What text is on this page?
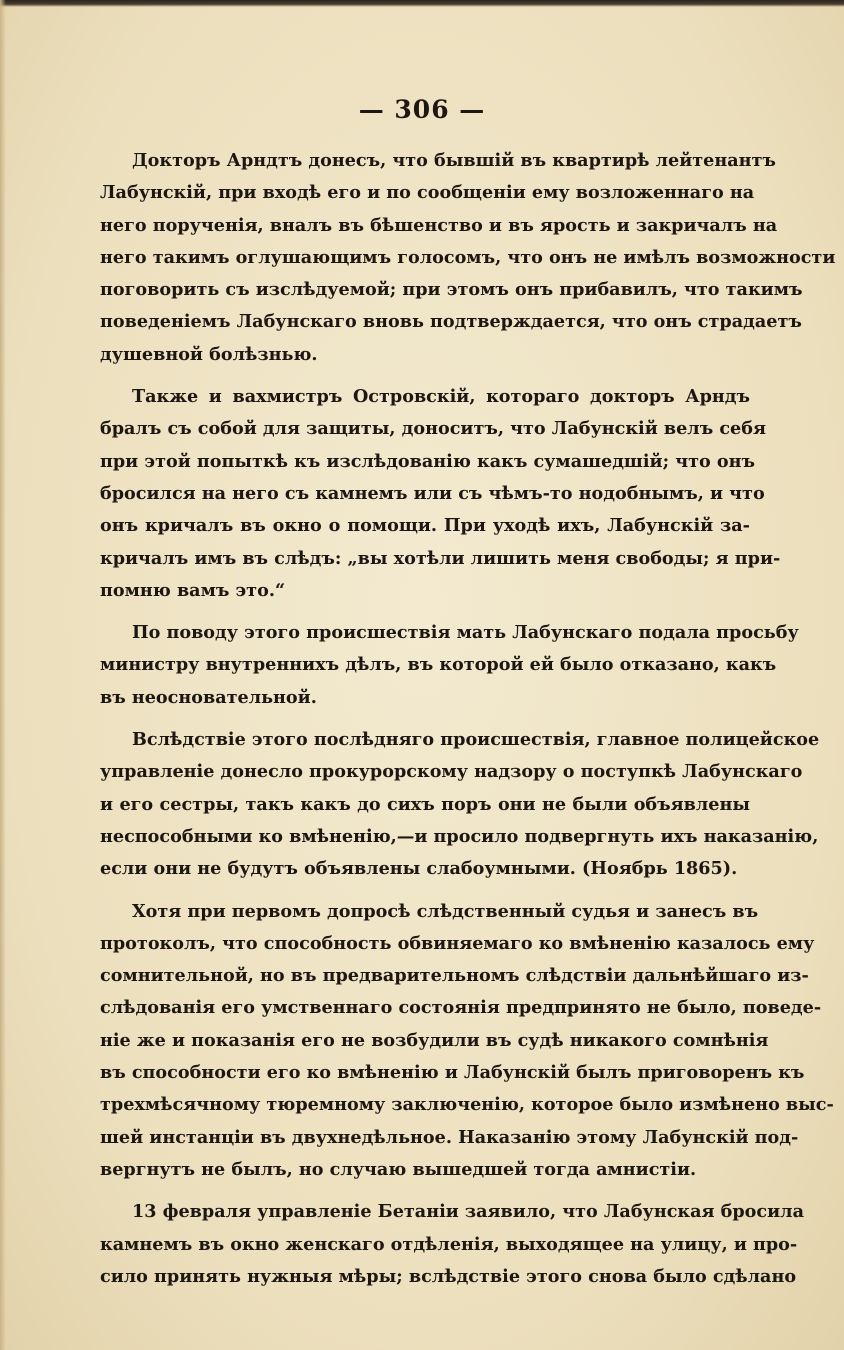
— 306 —
Докторъ Арндтъ донесъ, что бывшій въ квартирѣ лейтенантъ
Лабунскій, при входѣ его и по сообщеніи ему возложеннаго на
него порученія, вналъ въ бѣшенство и въ ярость и закричалъ на
него такимъ оглушающимъ голосомъ, что онъ не имѣлъ возможности
поговорить съ изслѣдуемой; при этомъ онъ прибавилъ, что такимъ
поведеніемъ Лабунскаго вновь подтверждается, что онъ страдаетъ
душевной болѣзнью.
Также и вахмистръ Островскій, котораго докторъ Арндъ
бралъ съ собой для защиты, доноситъ, что Лабунскій велъ себя
при этой попыткѣ къ изслѣдованію какъ сумашедшій; что онъ
бросился на него съ камнемъ или съ чѣмъ-то нодобнымъ, и что
онъ кричалъ въ окно о помощи. При уходѣ ихъ, Лабунскій за-
кричалъ имъ въ слѣдъ: „вы хотѣли лишить меня свободы; я при-
помню вамъ это.“
По поводу этого происшествія мать Лабунскаго подала просьбу
министру внутреннихъ дѣлъ, въ которой ей было отказано, какъ
въ неосновательной.
Вслѣдствіе этого послѣдняго происшествія, главное полицейское
управленіе донесло прокурорскому надзору о поступкѣ Лабунскаго
и его сестры, такъ какъ до сихъ поръ они не были объявлены
неспособными ко вмѣненію,—и просило подвергнуть ихъ наказанію,
если они не будутъ объявлены слабоумными. (Ноябрь 1865).
Хотя при первомъ допросѣ слѣдственный судья и занесъ въ
протоколъ, что способность обвиняемаго ко вмѣненію казалось ему
сомнительной, но въ предварительномъ слѣдствіи дальнѣйшаго из-
слѣдованія его умственнаго состоянія предпринято не было, поведе-
ніе же и показанія его не возбудили въ судѣ никакого сомнѣнія
въ способности его ко вмѣненію и Лабунскій былъ приговоренъ къ
трехмѣсячному тюремному заключенію, которое было измѣнено выс-
шей инстанціи въ двухнедѣльное. Наказанію этому Лабунскій под-
вергнутъ не былъ, но случаю вышедшей тогда амнистіи.
13 февраля управленіе Бетаніи заявило, что Лабунская бросила
камнемъ въ окно женскаго отдѣленія, выходящее на улицу, и про-
сило принять нужныя мѣры; вслѣдствіе этого снова было сдѣлано
